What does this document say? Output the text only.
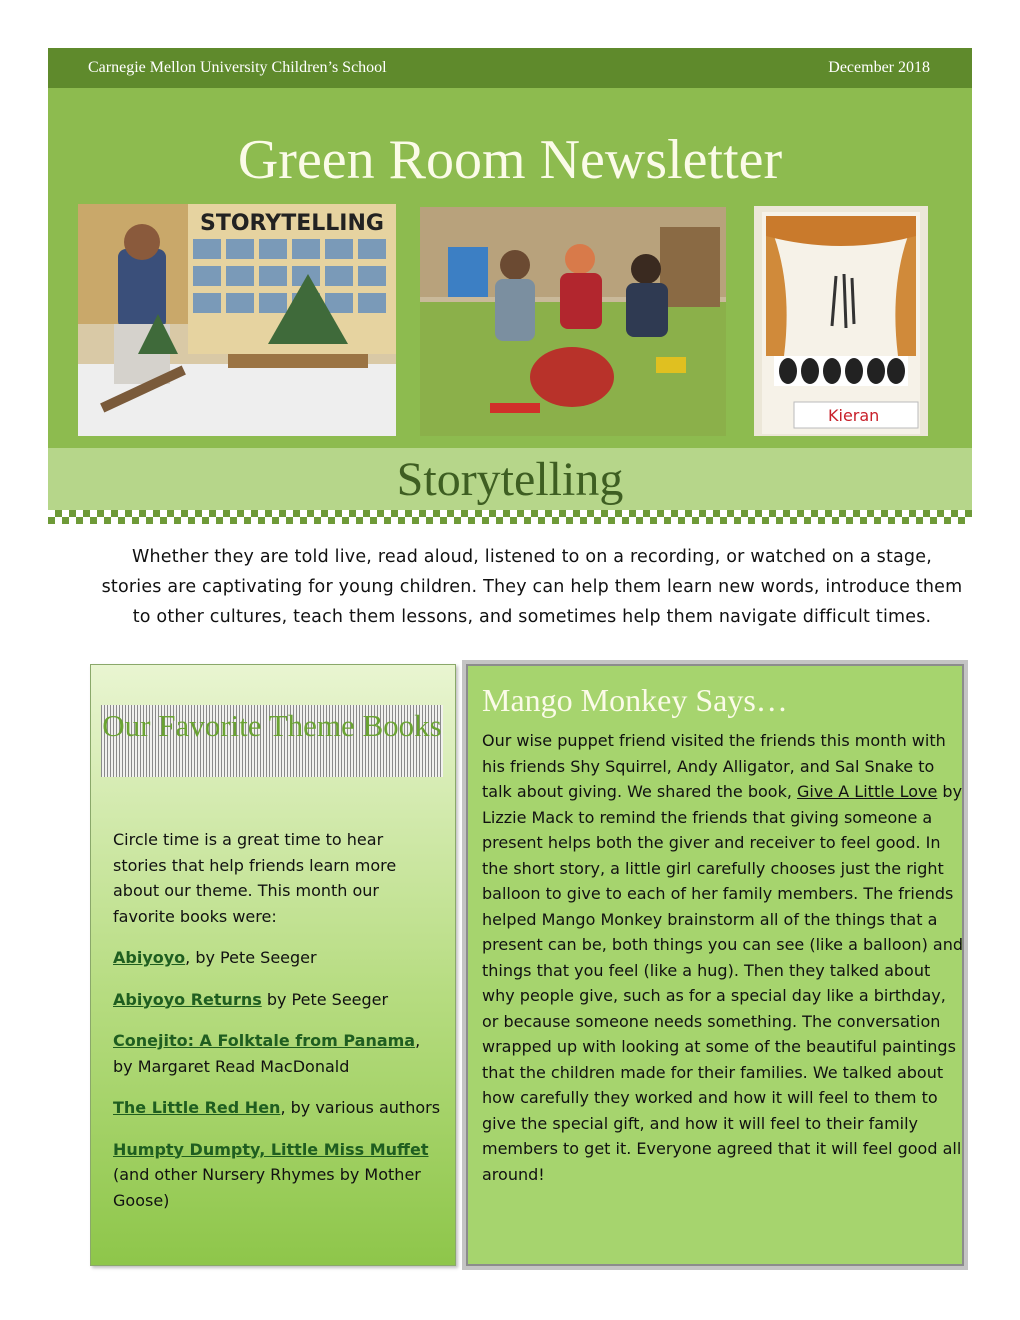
Carnegie Mellon University Children’s School	December 2018
Green Room Newsletter
STORYTELLING
Kieran
Storytelling
Whether they are told live, read aloud, listened to on a recording, or watched on a stage, stories are captivating for young children. They can help them learn new words, introduce them to other cultures, teach them lessons, and sometimes help them navigate difficult times.
Our Favorite Theme Books

Circle time is a great time to hear stories that help friends learn more about our theme. This month our favorite books were:

Abiyoyo, by Pete Seeger

Abiyoyo Returns by Pete Seeger

Conejito: A Folktale from Panama, by Margaret Read MacDonald

The Little Red Hen, by various authors

Humpty Dumpty, Little Miss Muffet (and other Nursery Rhymes by Mother Goose)

Mango Monkey Says…
Our wise puppet friend visited the friends this month with his friends Shy Squirrel, Andy Alligator, and Sal Snake to talk about giving. We shared the book, Give A Little Love by Lizzie Mack to remind the friends that giving someone a present helps both the giver and receiver to feel good. In the short story, a little girl carefully chooses just the right balloon to give to each of her family members. The friends helped Mango Monkey brainstorm all of the things that a present can be, both things you can see (like a balloon) and things that you feel (like a hug). Then they talked about why people give, such as for a special day like a birthday, or because someone needs something. The conversation wrapped up with looking at some of the beautiful paintings that the children made for their families. We talked about how carefully they worked and how it will feel to them to give the special gift, and how it will feel to their family members to get it. Everyone agreed that it will feel good all around!
